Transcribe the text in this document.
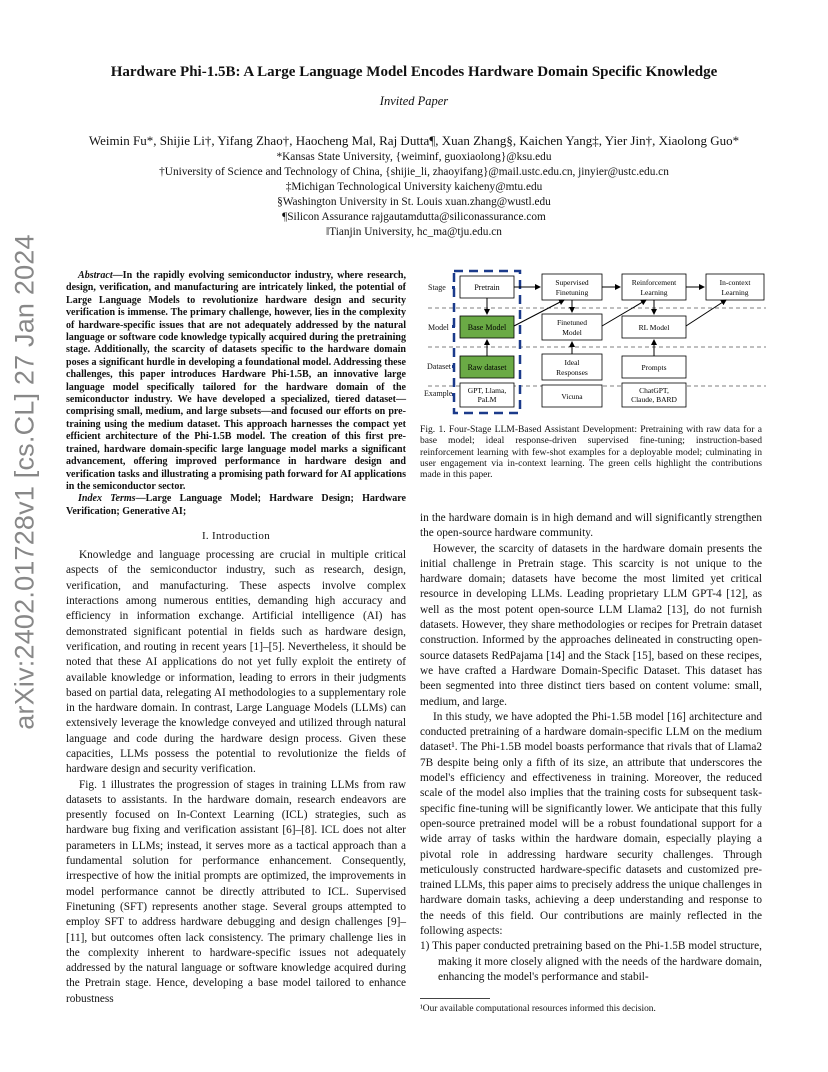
arXiv:2402.01728v1 [cs.CL] 27 Jan 2024
Hardware Phi-1.5B: A Large Language Model Encodes Hardware Domain Specific Knowledge
Invited Paper
Weimin Fu*, Shijie Li†, Yifang Zhao†, Haocheng Ma‖, Raj Dutta¶, Xuan Zhang§, Kaichen Yang‡, Yier Jin†, Xiaolong Guo*
*Kansas State University, {weiminf, guoxiaolong}@ksu.edu
†University of Science and Technology of China, {shijie_li, zhaoyifang}@mail.ustc.edu.cn, jinyier@ustc.edu.cn
‡Michigan Technological University kaicheny@mtu.edu
§Washington University in St. Louis xuan.zhang@wustl.edu
¶Silicon Assurance rajgautamdutta@siliconassurance.com
‖Tianjin University, hc_ma@tju.edu.cn

Abstract—In the rapidly evolving semiconductor industry, where research, design, verification, and manufacturing are intricately linked, the potential of Large Language Models to revolutionize hardware design and security verification is immense. The primary challenge, however, lies in the complexity of hardware-specific issues that are not adequately addressed by the natural language or software code knowledge typically acquired during the pretraining stage. Additionally, the scarcity of datasets specific to the hardware domain poses a significant hurdle in developing a foundational model. Addressing these challenges, this paper introduces Hardware Phi-1.5B, an innovative large language model specifically tailored for the hardware domain of the semiconductor industry. We have developed a specialized, tiered dataset—comprising small, medium, and large subsets—and focused our efforts on pre-training using the medium dataset. This approach harnesses the compact yet efficient architecture of the Phi-1.5B model. The creation of this first pre-trained, hardware domain-specific large language model marks a significant advancement, offering improved performance in hardware design and verification tasks and illustrating a promising path forward for AI applications in the semiconductor sector.

Index Terms—Large Language Model; Hardware Design; Hardware Verification; Generative AI;

I. Introduction

Knowledge and language processing are crucial in multiple critical aspects of the semiconductor industry, such as research, design, verification, and manufacturing. These aspects involve complex interactions among numerous entities, demanding high accuracy and efficiency in information exchange. Artificial intelligence (AI) has demonstrated significant potential in fields such as hardware design, verification, and routing in recent years [1]–[5]. Nevertheless, it should be noted that these AI applications do not yet fully exploit the entirety of available knowledge or information, leading to errors in their judgments based on partial data, relegating AI methodologies to a supplementary role in the hardware domain. In contrast, Large Language Models (LLMs) can extensively leverage the knowledge conveyed and utilized through natural language and code during the hardware design process. Given these capacities, LLMs possess the potential to revolutionize the fields of hardware design and security verification.

Fig. 1 illustrates the progression of stages in training LLMs from raw datasets to assistants. In the hardware domain, research endeavors are presently focused on In-Context Learning (ICL) strategies, such as hardware bug fixing and verification assistant [6]–[8]. ICL does not alter parameters in LLMs; instead, it serves more as a tactical approach than a fundamental solution for performance enhancement. Consequently, irrespective of how the initial prompts are optimized, the improvements in model performance cannot be directly attributed to ICL. Supervised Finetuning (SFT) represents another stage. Several groups attempted to employ SFT to address hardware debugging and design challenges [9]–[11], but outcomes often lack consistency. The primary challenge lies in the complexity inherent to hardware-specific issues not adequately addressed by the natural language or software knowledge acquired during the Pretrain stage. Hence, developing a base model tailored to enhance robustness

Stage
Model
Dataset
Example
Pretrain
Base Model
Raw dataset
GPT, Llama,
PaLM
Supervised
Finetuning
Finetuned
Model
Ideal
Responses
Vicuna
Reinforcement
Learning
RL Model
Prompts
ChatGPT,
Claude, BARD
In-context
Learning

Fig. 1. Four-Stage LLM-Based Assistant Development: Pretraining with raw data for a base model; ideal response-driven supervised fine-tuning; instruction-based reinforcement learning with few-shot examples for a deployable model; culminating in user engagement via in-context learning. The green cells highlight the contributions made in this paper.

in the hardware domain is in high demand and will significantly strengthen the open-source hardware community.

However, the scarcity of datasets in the hardware domain presents the initial challenge in Pretrain stage. This scarcity is not unique to the hardware domain; datasets have become the most limited yet critical resource in developing LLMs. Leading proprietary LLM GPT-4 [12], as well as the most potent open-source LLM Llama2 [13], do not furnish datasets. However, they share methodologies or recipes for Pretrain dataset construction. Informed by the approaches delineated in constructing open-source datasets RedPajama [14] and the Stack [15], based on these recipes, we have crafted a Hardware Domain-Specific Dataset. This dataset has been segmented into three distinct tiers based on content volume: small, medium, and large.

In this study, we have adopted the Phi-1.5B model [16] architecture and conducted pretraining of a hardware domain-specific LLM on the medium dataset¹. The Phi-1.5B model boasts performance that rivals that of Llama2 7B despite being only a fifth of its size, an attribute that underscores the model's efficiency and effectiveness in training. Moreover, the reduced scale of the model also implies that the training costs for subsequent task-specific fine-tuning will be significantly lower. We anticipate that this fully open-source pretrained model will be a robust foundational support for a wide array of tasks within the hardware domain, especially playing a pivotal role in addressing hardware security challenges. Through meticulously constructed hardware-specific datasets and customized pre-trained LLMs, this paper aims to precisely address the unique challenges in hardware domain tasks, achieving a deep understanding and response to the needs of this field. Our contributions are mainly reflected in the following aspects:

1) This paper conducted pretraining based on the Phi-1.5B model structure, making it more closely aligned with the needs of the hardware domain, enhancing the model's performance and stabil-
¹Our available computational resources informed this decision.
